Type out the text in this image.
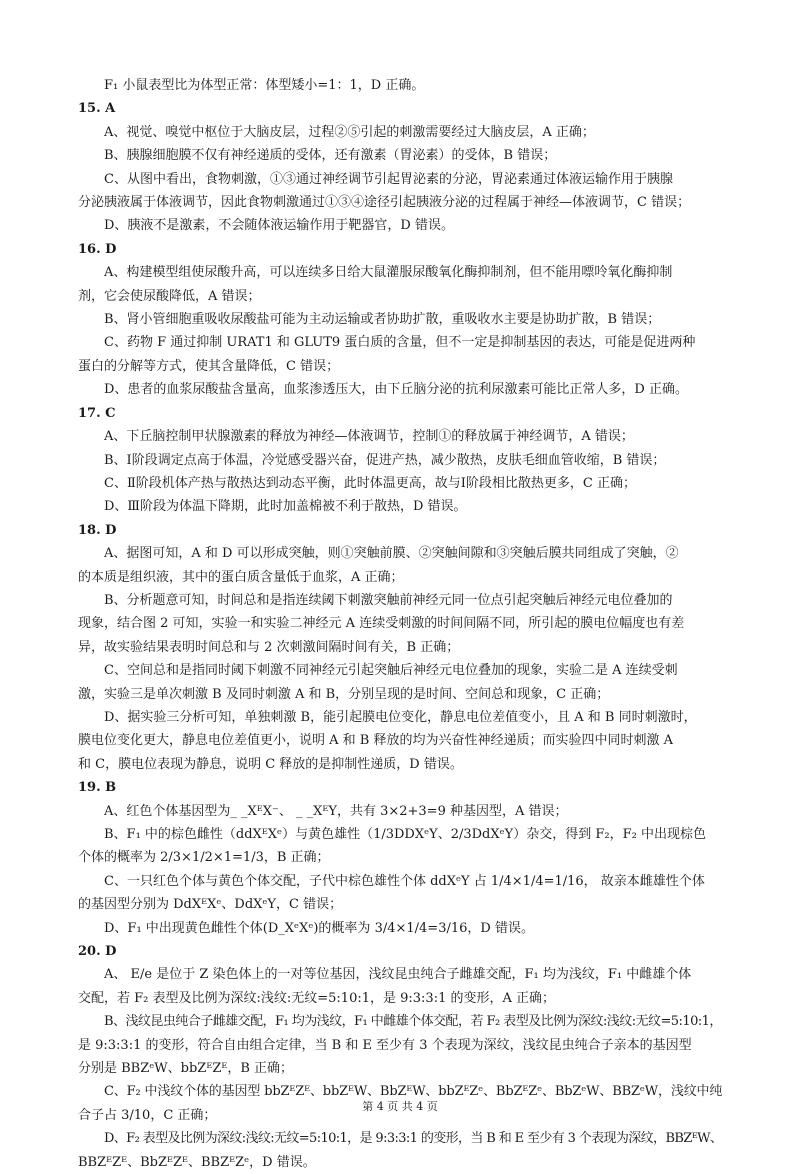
F₁ 小鼠表型比为体型正常：体型矮小=1：1，D 正确。
15. A
A、视觉、嗅觉中枢位于大脑皮层，过程②⑤引起的刺激需要经过大脑皮层，A 正确；
B、胰腺细胞膜不仅有神经递质的受体，还有激素（胃泌素）的受体，B 错误；
C、从图中看出，食物刺激，①③通过神经调节引起胃泌素的分泌，胃泌素通过体液运输作用于胰腺
分泌胰液属于体液调节，因此食物刺激通过①③④途径引起胰液分泌的过程属于神经—体液调节，C 错误；
D、胰液不是激素，不会随体液运输作用于靶器官，D 错误。
16. D
A、构建模型组使尿酸升高，可以连续多日给大鼠灌服尿酸氧化酶抑制剂，但不能用嘌呤氧化酶抑制
剂，它会使尿酸降低，A 错误；
B、肾小管细胞重吸收尿酸盐可能为主动运输或者协助扩散，重吸收水主要是协助扩散，B 错误；
C、药物 F 通过抑制 URAT1 和 GLUT9 蛋白质的含量，但不一定是抑制基因的表达，可能是促进两种
蛋白的分解等方式，使其含量降低，C 错误；
D、患者的血浆尿酸盐含量高，血浆渗透压大，由下丘脑分泌的抗利尿激素可能比正常人多，D 正确。
17. C
A、下丘脑控制甲状腺激素的释放为神经—体液调节，控制①的释放属于神经调节，A 错误；
B、Ⅰ阶段调定点高于体温，冷觉感受器兴奋，促进产热，减少散热，皮肤毛细血管收缩，B 错误；
C、Ⅱ阶段机体产热与散热达到动态平衡，此时体温更高，故与Ⅰ阶段相比散热更多，C 正确；
D、Ⅲ阶段为体温下降期，此时加盖棉被不利于散热，D 错误。
18. D
A、据图可知，A 和 D 可以形成突触，则①突触前膜、②突触间隙和③突触后膜共同组成了突触，②
的本质是组织液，其中的蛋白质含量低于血浆，A 正确；
B、分析题意可知，时间总和是指连续阈下刺激突触前神经元同一位点引起突触后神经元电位叠加的
现象，结合图 2 可知，实验一和实验二神经元 A 连续受刺激的时间间隔不同，所引起的膜电位幅度也有差
异，故实验结果表明时间总和与 2 次刺激间隔时间有关，B 正确；
C、空间总和是指同时阈下刺激不同神经元引起突触后神经元电位叠加的现象，实验二是 A 连续受刺
激，实验三是单次刺激 B 及同时刺激 A 和 B，分别呈现的是时间、空间总和现象，C 正确；
D、据实验三分析可知，单独刺激 B，能引起膜电位变化，静息电位差值变小，且 A 和 B 同时刺激时，
膜电位变化更大，静息电位差值更小，说明 A 和 B 释放的均为兴奋性神经递质；而实验四中同时刺激 A
和 C，膜电位表现为静息，说明 C 释放的是抑制性递质，D 错误。
19. B
A、红色个体基因型为_ _XᴱX⁻、 _ _XᴱY，共有 3×2+3=9 种基因型，A 错误；
B、F₁ 中的棕色雌性（ddXᴱXᵉ）与黄色雄性（1/3DDXᵉY、2/3DdXᵉY）杂交，得到 F₂，F₂ 中出现棕色
个体的概率为 2/3×1/2×1=1/3，B 正确；
C、一只红色个体与黄色个体交配，子代中棕色雄性个体 ddXᵉY 占 1/4×1/4=1/16， 故亲本雌雄性个体
的基因型分别为 DdXᴱXᵉ、DdXᵉY，C 错误；
D、F₁ 中出现黄色雌性个体(D_XᵉXᵉ)的概率为 3/4×1/4=3/16，D 错误。
20. D
A、 E/e 是位于 Z 染色体上的一对等位基因，浅纹昆虫纯合子雌雄交配，F₁ 均为浅纹，F₁ 中雌雄个体
交配，若 F₂ 表型及比例为深纹:浅纹:无纹=5:10:1，是 9:3:3:1 的变形，A 正确；
B、浅纹昆虫纯合子雌雄交配，F₁ 均为浅纹，F₁ 中雌雄个体交配，若 F₂ 表型及比例为深纹:浅纹:无纹=5:10:1，
是 9:3:3:1 的变形，符合自由组合定律，当 B 和 E 至少有 3 个表现为深纹，浅纹昆虫纯合子亲本的基因型
分别是 BBZᵉW、bbZᴱZᴱ，B 正确；
C、F₂ 中浅纹个体的基因型 bbZᴱZᴱ、bbZᴱW、BbZᴱW、bbZᴱZᵉ、BbZᴱZᵉ、BbZᵉW、BBZᵉW，浅纹中纯
合子占 3/10，C 正确；
D、F₂ 表型及比例为深纹:浅纹:无纹=5:10:1，是 9:3:3:1 的变形，当 B 和 E 至少有 3 个表现为深纹，BBZᴱW、
BBZᴱZᴱ、BbZᴱZᴱ、BBZᴱZᵉ，D 错误。
第 4 页 共 4 页
